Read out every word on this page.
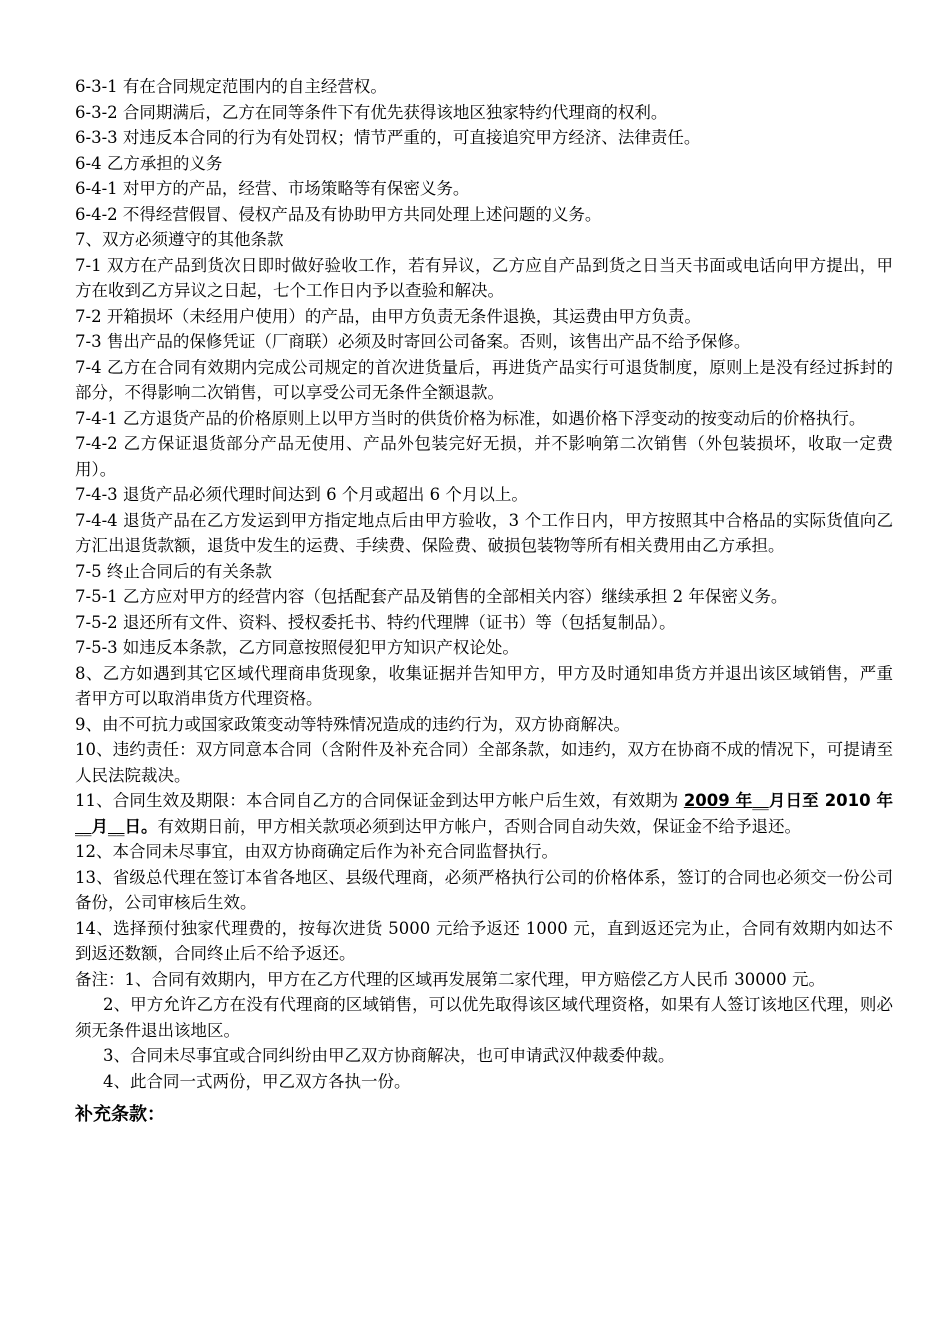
6-3-1 有在合同规定范围内的自主经营权。

6-3-2 合同期满后，乙方在同等条件下有优先获得该地区独家特约代理商的权利。

6-3-3 对违反本合同的行为有处罚权；情节严重的，可直接追究甲方经济、法律责任。

6-4 乙方承担的义务

6-4-1 对甲方的产品，经营、市场策略等有保密义务。

6-4-2 不得经营假冒、侵权产品及有协助甲方共同处理上述问题的义务。

7、双方必须遵守的其他条款

7-1 双方在产品到货次日即时做好验收工作，若有异议，乙方应自产品到货之日当天书面或电话向甲方提出，甲方在收到乙方异议之日起，七个工作日内予以查验和解决。

7-2 开箱损坏（未经用户使用）的产品，由甲方负责无条件退换，其运费由甲方负责。

7-3 售出产品的保修凭证（厂商联）必须及时寄回公司备案。否则，该售出产品不给予保修。

7-4 乙方在合同有效期内完成公司规定的首次进货量后，再进货产品实行可退货制度，原则上是没有经过拆封的部分，不得影响二次销售，可以享受公司无条件全额退款。

7-4-1 乙方退货产品的价格原则上以甲方当时的供货价格为标准，如遇价格下浮变动的按变动后的价格执行。

7-4-2 乙方保证退货部分产品无使用、产品外包装完好无损，并不影响第二次销售（外包装损坏，收取一定费用）。

7-4-3 退货产品必须代理时间达到 6 个月或超出 6 个月以上。

7-4-4 退货产品在乙方发运到甲方指定地点后由甲方验收，3 个工作日内，甲方按照其中合格品的实际货值向乙方汇出退货款额，退货中发生的运费、手续费、保险费、破损包装物等所有相关费用由乙方承担。

7-5 终止合同后的有关条款

7-5-1 乙方应对甲方的经营内容（包括配套产品及销售的全部相关内容）继续承担 2 年保密义务。

7-5-2 退还所有文件、资料、授权委托书、特约代理牌（证书）等（包括复制品）。

7-5-3 如违反本条款，乙方同意按照侵犯甲方知识产权论处。

8、乙方如遇到其它区域代理商串货现象，收集证据并告知甲方，甲方及时通知串货方并退出该区域销售，严重者甲方可以取消串货方代理资格。

9、由不可抗力或国家政策变动等特殊情况造成的违约行为，双方协商解决。

10、违约责任：双方同意本合同（含附件及补充合同）全部条款，如违约，双方在协商不成的情况下，可提请至人民法院裁决。

11、合同生效及期限：本合同自乙方的合同保证金到达甲方帐户后生效，有效期为 2009 年__月日至 2010 年__月__日。有效期日前，甲方相关款项必须到达甲方帐户，否则合同自动失效，保证金不给予退还。

12、本合同未尽事宜，由双方协商确定后作为补充合同监督执行。

13、省级总代理在签订本省各地区、县级代理商，必须严格执行公司的价格体系，签订的合同也必须交一份公司备份，公司审核后生效。

14、选择预付独家代理费的，按每次进货 5000 元给予返还 1000 元，直到返还完为止，合同有效期内如达不到返还数额，合同终止后不给予返还。

备注：1、合同有效期内，甲方在乙方代理的区域再发展第二家代理，甲方赔偿乙方人民币 30000 元。

2、甲方允许乙方在没有代理商的区域销售，可以优先取得该区域代理资格，如果有人签订该地区代理，则必须无条件退出该地区。

3、合同未尽事宜或合同纠纷由甲乙双方协商解决，也可申请武汉仲裁委仲裁。

4、此合同一式两份，甲乙双方各执一份。

补充条款：
